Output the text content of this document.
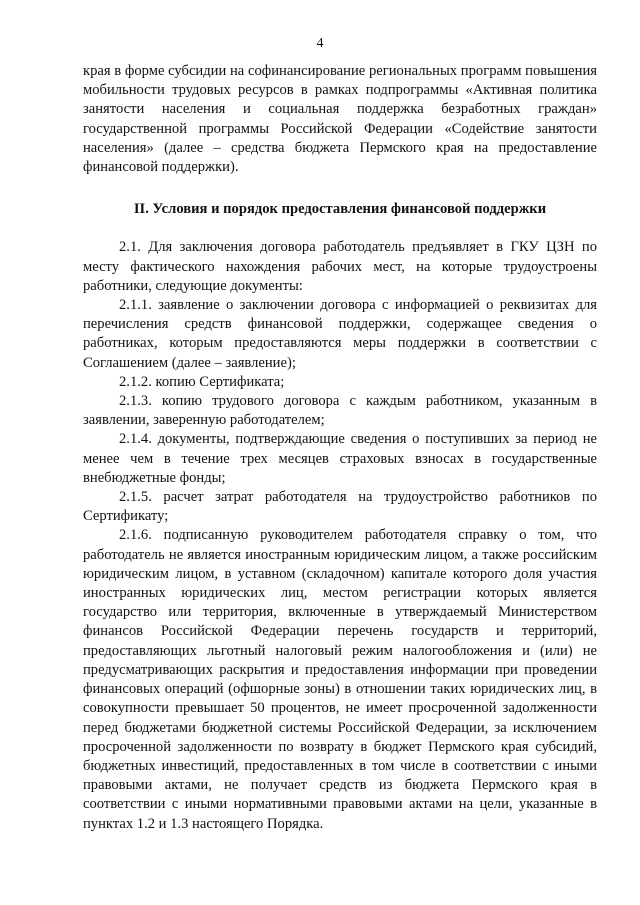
4

края в форме субсидии на софинансирование региональных программ повышения мобильности трудовых ресурсов в рамках подпрограммы «Активная политика занятости населения и социальная поддержка безработных граждан» государственной программы Российской Федерации «Содействие занятости населения» (далее – средства бюджета Пермского края на предоставление финансовой поддержки).

II. Условия и порядок предоставления финансовой поддержки

2.1. Для заключения договора работодатель предъявляет в ГКУ ЦЗН по месту фактического нахождения рабочих мест, на которые трудоустроены работники, следующие документы:

2.1.1. заявление о заключении договора с информацией о реквизитах для перечисления средств финансовой поддержки, содержащее сведения о работниках, которым предоставляются меры поддержки в соответствии с Соглашением (далее – заявление);

2.1.2. копию Сертификата;

2.1.3. копию трудового договора с каждым работником, указанным в заявлении, заверенную работодателем;

2.1.4. документы, подтверждающие сведения о поступивших за период не менее чем в течение трех месяцев страховых взносах в государственные внебюджетные фонды;

2.1.5. расчет затрат работодателя на трудоустройство работников по Сертификату;

2.1.6. подписанную руководителем работодателя справку о том, что работодатель не является иностранным юридическим лицом, а также российским юридическим лицом, в уставном (складочном) капитале которого доля участия иностранных юридических лиц, местом регистрации которых является государство или территория, включенные в утверждаемый Министерством финансов Российской Федерации перечень государств и территорий, предоставляющих льготный налоговый режим налогообложения и (или) не предусматривающих раскрытия и предоставления информации при проведении финансовых операций (офшорные зоны) в отношении таких юридических лиц, в совокупности превышает 50 процентов, не имеет просроченной задолженности перед бюджетами бюджетной системы Российской Федерации, за исключением просроченной задолженности по возврату в бюджет Пермского края субсидий, бюджетных инвестиций, предоставленных в том числе в соответствии с иными правовыми актами, не получает средств из бюджета Пермского края в соответствии с иными нормативными правовыми актами на цели, указанные в пунктах 1.2 и 1.3 настоящего Порядка.
